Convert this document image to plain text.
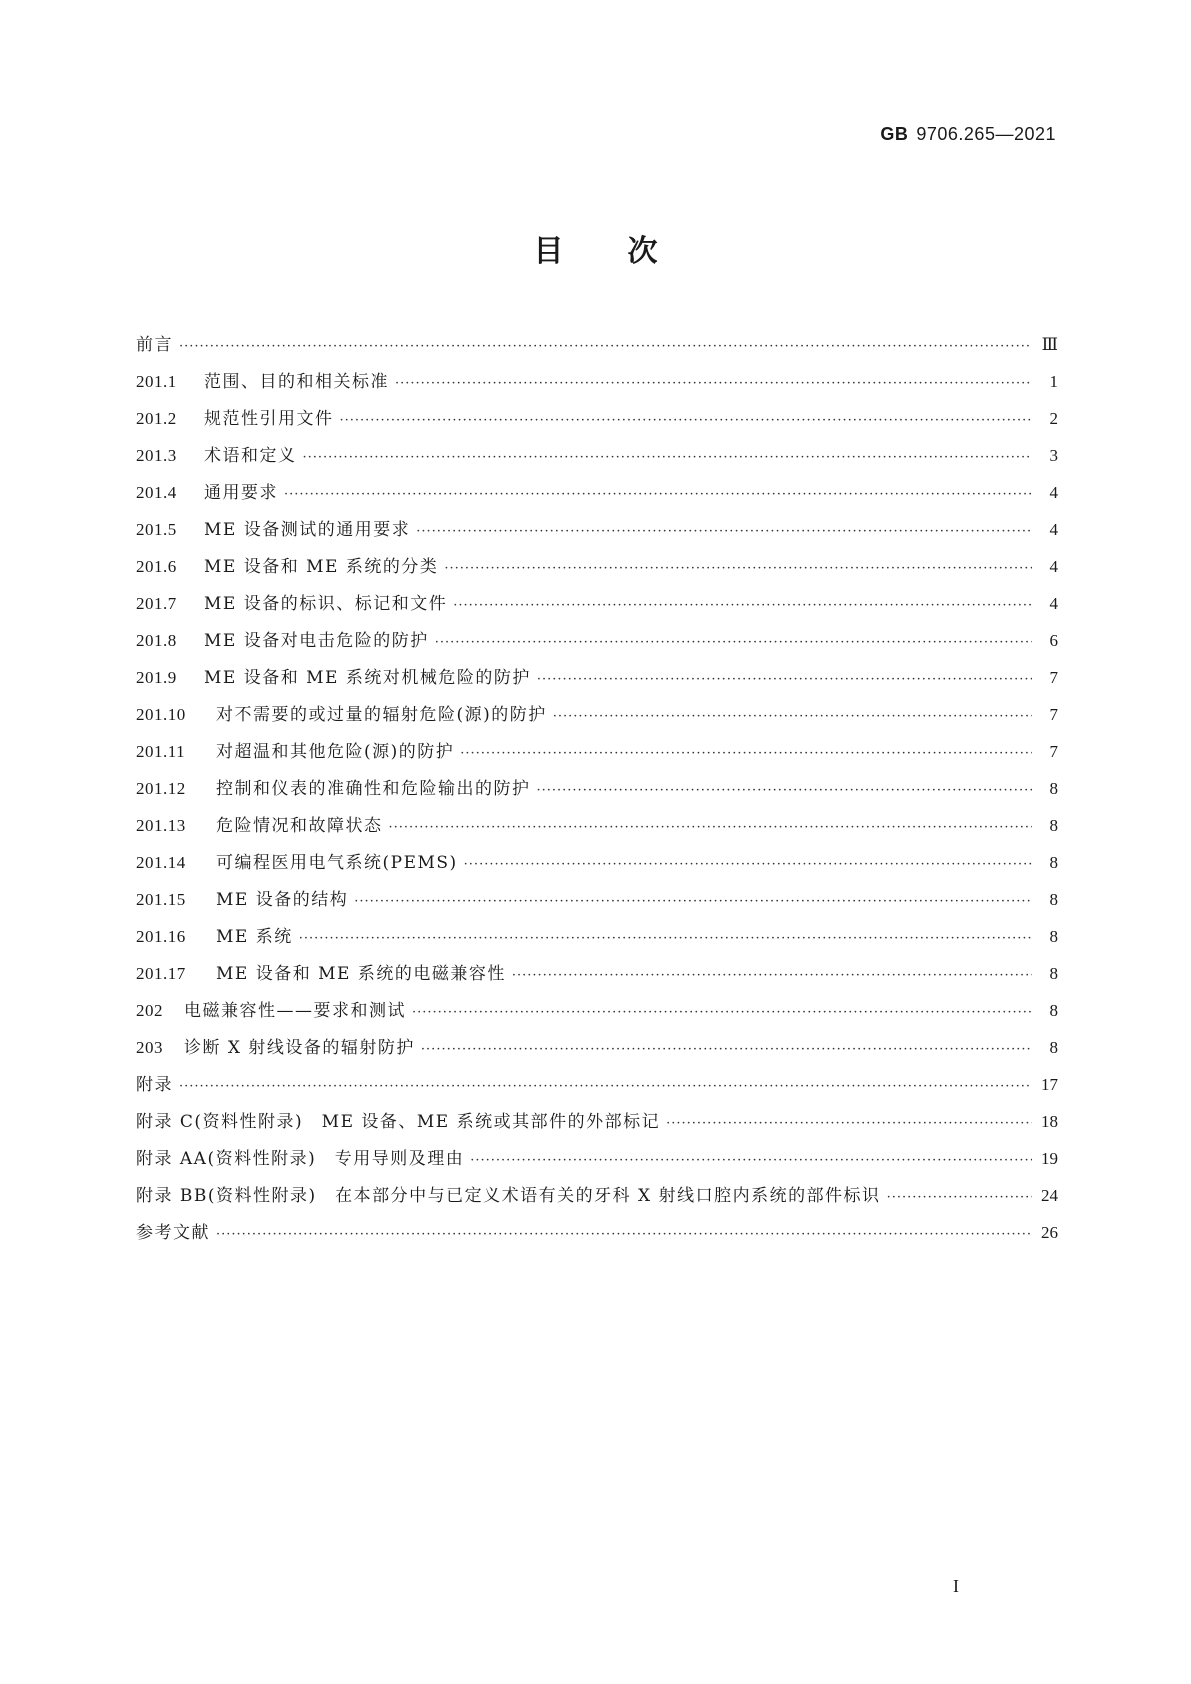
GB 9706.265—2021
目次
前言 ·····	Ⅲ
201.1	范围、目的和相关标准 ·····	1
201.2	规范性引用文件 ·····	2
201.3	术语和定义 ·····	3
201.4	通用要求 ·····	4
201.5	ME 设备测试的通用要求 ·····	4
201.6	ME 设备和 ME 系统的分类 ·····	4
201.7	ME 设备的标识、标记和文件 ·····	4
201.8	ME 设备对电击危险的防护 ·····	6
201.9	ME 设备和 ME 系统对机械危险的防护 ·····	7
201.10	对不需要的或过量的辐射危险(源)的防护 ·····	7
201.11	对超温和其他危险(源)的防护 ·····	7
201.12	控制和仪表的准确性和危险输出的防护 ·····	8
201.13	危险情况和故障状态 ·····	8
201.14	可编程医用电气系统(PEMS) ·····	8
201.15	ME 设备的结构 ·····	8
201.16	ME 系统 ·····	8
201.17	ME 设备和 ME 系统的电磁兼容性 ·····	8
202	电磁兼容性——要求和测试 ·····	8
203	诊断 X 射线设备的辐射防护 ·····	8
附录 ·····	17
附录 C(资料性附录)　ME 设备、ME 系统或其部件的外部标记 ·····	18
附录 AA(资料性附录)　专用导则及理由 ·····	19
附录 BB(资料性附录)　在本部分中与已定义术语有关的牙科 X 射线口腔内系统的部件标识 ·····	24
参考文献 ·····	26
I
